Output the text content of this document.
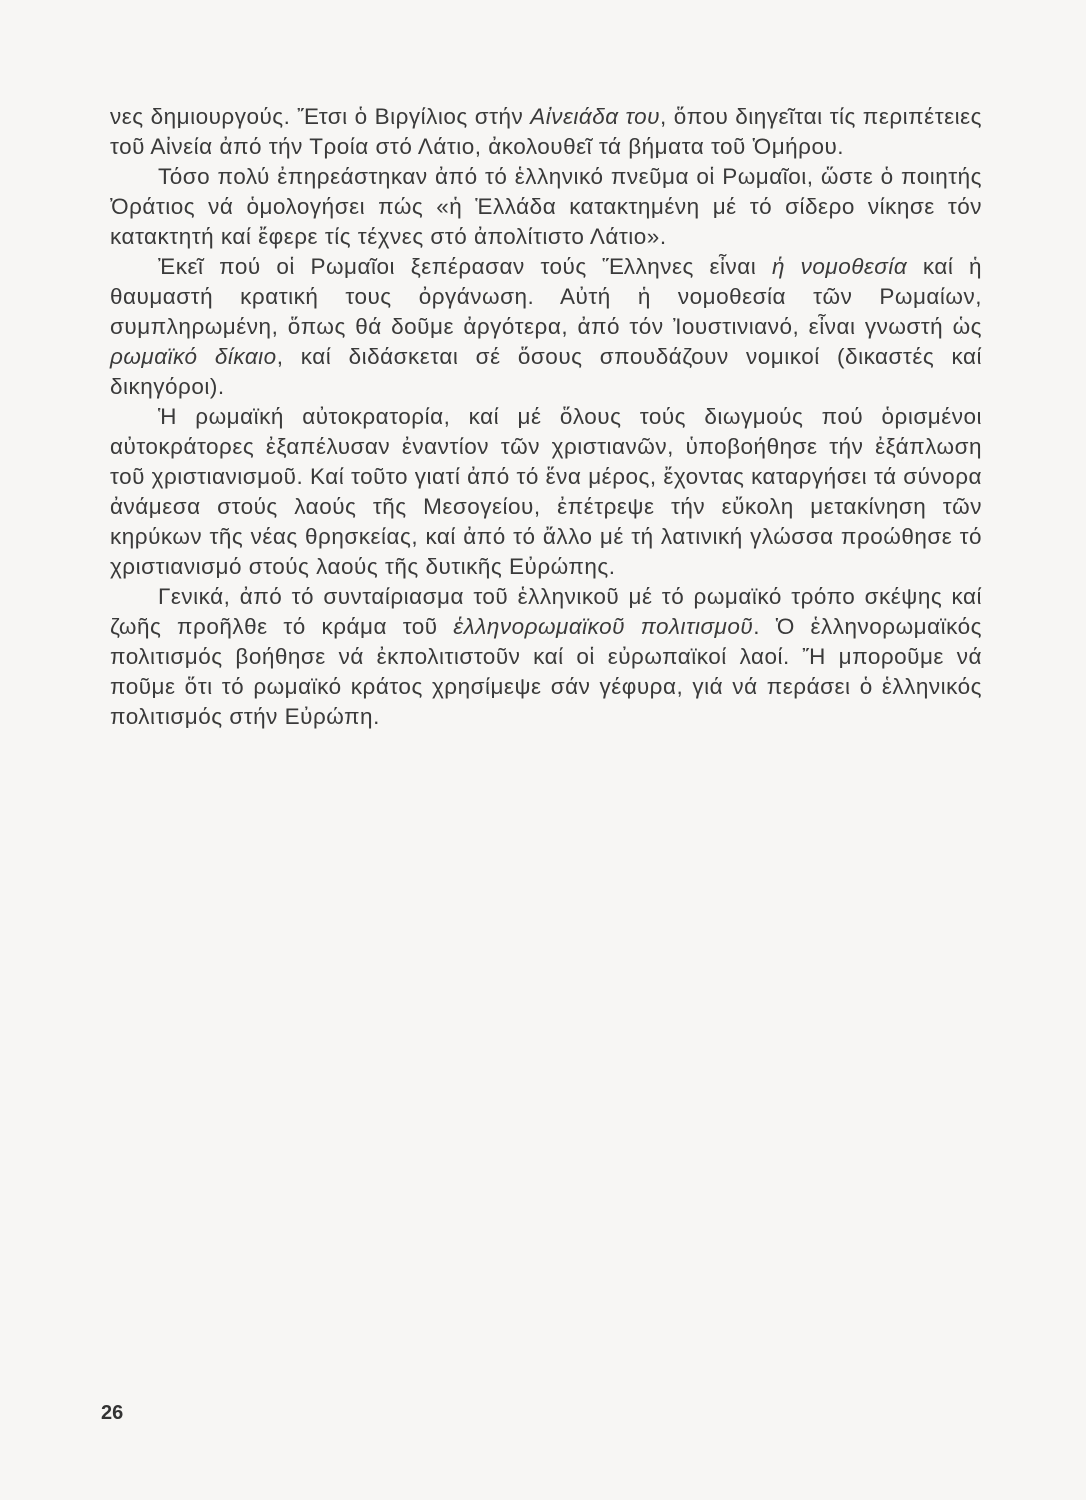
νες δημιουργούς. Ἔτσι ὁ Βιργίλιος στήν Αἰνειάδα του, ὅπου διηγεῖται τίς περιπέτειες τοῦ Αἰνεία ἀπό τήν Τροία στό Λάτιο, ἀκολουθεῖ τά βήματα τοῦ Ὁμήρου.

Τόσο πολύ ἐπηρεάστηκαν ἀπό τό ἑλληνικό πνεῦμα οἱ Ρωμαῖοι, ὥστε ὁ ποιητής Ὀράτιος νά ὁμολογήσει πώς «ἡ Ἑλλάδα κατακτημένη μέ τό σίδερο νίκησε τόν κατακτητή καί ἔφερε τίς τέχνες στό ἀπολίτιστο Λάτιο».

Ἐκεῖ πού οἱ Ρωμαῖοι ξεπέρασαν τούς Ἕλληνες εἶναι ἡ νομοθεσία καί ἡ θαυμαστή κρατική τους ὀργάνωση. Αὐτή ἡ νομοθεσία τῶν Ρωμαίων, συμπληρωμένη, ὅπως θά δοῦμε ἀργότερα, ἀπό τόν Ἰουστινιανό, εἶναι γνωστή ὡς ρωμαϊκό δίκαιο, καί διδάσκεται σέ ὅσους σπουδάζουν νομικοί (δικαστές καί δικηγόροι).

Ἡ ρωμαϊκή αὐτοκρατορία, καί μέ ὅλους τούς διωγμούς πού ὁρισμένοι αὐτοκράτορες ἐξαπέλυσαν ἐναντίον τῶν χριστιανῶν, ὑποβοήθησε τήν ἐξάπλωση τοῦ χριστιανισμοῦ. Καί τοῦτο γιατί ἀπό τό ἕνα μέρος, ἔχοντας καταργήσει τά σύνορα ἀνάμεσα στούς λαούς τῆς Μεσογείου, ἐπέτρεψε τήν εὔκολη μετακίνηση τῶν κηρύκων τῆς νέας θρησκείας, καί ἀπό τό ἄλλο μέ τή λατινική γλώσσα προώθησε τό χριστιανισμό στούς λαούς τῆς δυτικῆς Εὐρώπης.

Γενικά, ἀπό τό συνταίριασμα τοῦ ἑλληνικοῦ μέ τό ρωμαϊκό τρόπο σκέψης καί ζωῆς προῆλθε τό κράμα τοῦ ἑλληνορωμαϊκοῦ πολιτισμοῦ. Ὁ ἑλληνορωμαϊκός πολιτισμός βοήθησε νά ἐκπολιτιστοῦν καί οἱ εὐρωπαϊκοί λαοί. Ἤ μποροῦμε νά ποῦμε ὅτι τό ρωμαϊκό κράτος χρησίμεψε σάν γέφυρα, γιά νά περάσει ὁ ἑλληνικός πολιτισμός στήν Εὐρώπη.

26
